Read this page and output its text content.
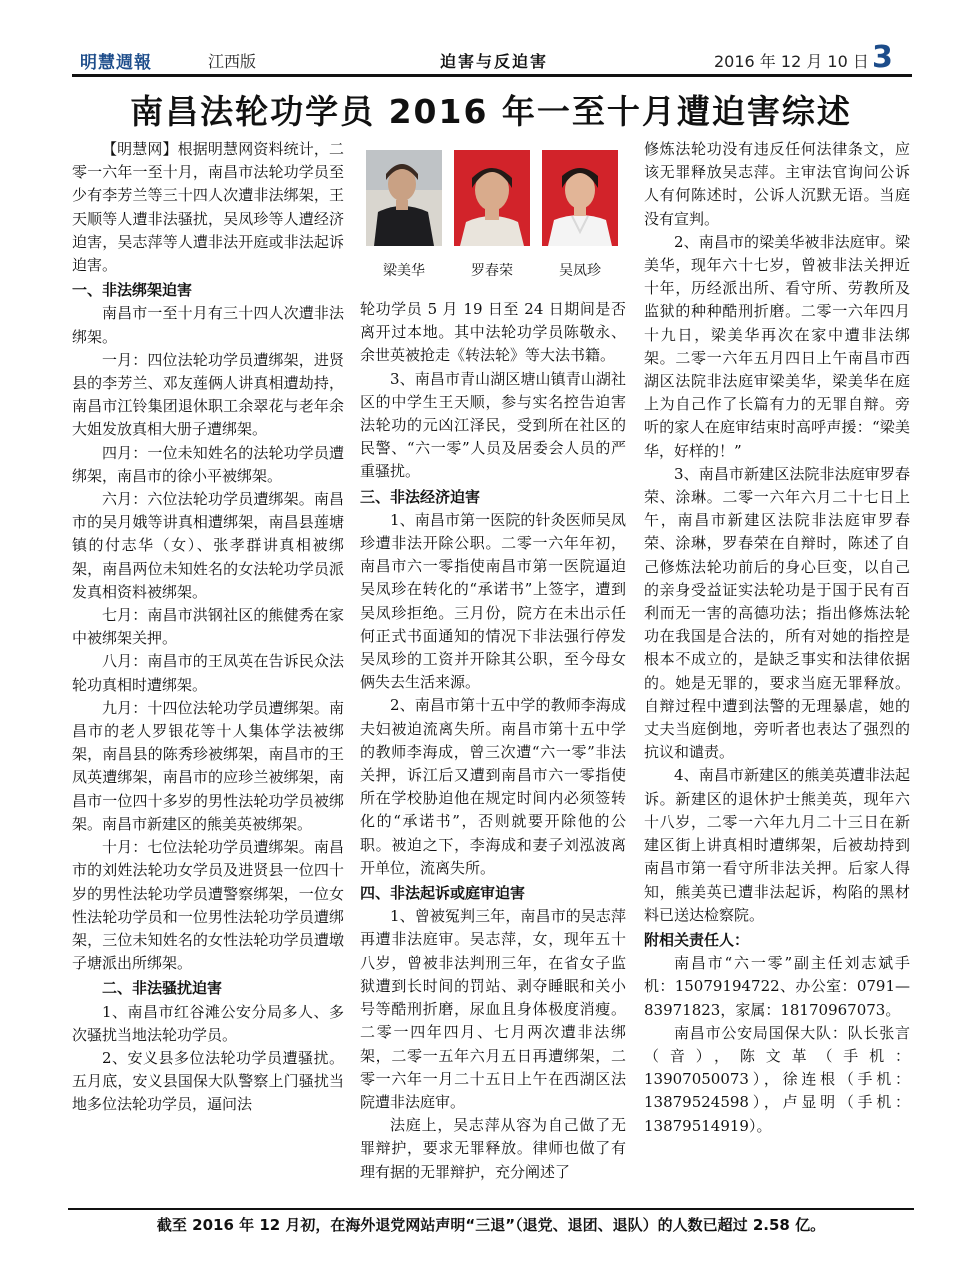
明慧週報	江西版	迫害与反迫害	2016 年 12 月 10 日 3
南昌法轮功学员 2016 年一至十月遭迫害综述

【明慧网】根据明慧网资料统计，二零一六年一至十月，南昌市法轮功学员至少有李芳兰等三十四人次遭非法绑架，王天顺等人遭非法骚扰，吴凤珍等人遭经济迫害，吴志萍等人遭非法开庭或非法起诉迫害。

一、非法绑架迫害

南昌市一至十月有三十四人次遭非法绑架。

一月：四位法轮功学员遭绑架，进贤县的李芳兰、邓友莲俩人讲真相遭劫持，南昌市江铃集团退休职工余翠花与老年余大姐发放真相大册子遭绑架。

四月：一位未知姓名的法轮功学员遭绑架，南昌市的徐小平被绑架。

六月：六位法轮功学员遭绑架。南昌市的吴月娥等讲真相遭绑架，南昌县莲塘镇的付志华（女）、张孝群讲真相被绑架，南昌两位未知姓名的女法轮功学员派发真相资料被绑架。

七月：南昌市洪钢社区的熊健秀在家中被绑架关押。

八月：南昌市的王凤英在告诉民众法轮功真相时遭绑架。

九月：十四位法轮功学员遭绑架。南昌市的老人罗银花等十人集体学法被绑架，南昌县的陈秀珍被绑架，南昌市的王凤英遭绑架，南昌市的应珍兰被绑架，南昌市一位四十多岁的男性法轮功学员被绑架。南昌市新建区的熊美英被绑架。

十月：七位法轮功学员遭绑架。南昌市的刘姓法轮功女学员及进贤县一位四十岁的男性法轮功学员遭警察绑架，一位女性法轮功学员和一位男性法轮功学员遭绑架，三位未知姓名的女性法轮功学员遭墩子塘派出所绑架。

二、非法骚扰迫害

1、南昌市红谷滩公安分局多人、多次骚扰当地法轮功学员。

2、安义县多位法轮功学员遭骚扰。五月底，安义县国保大队警察上门骚扰当地多位法轮功学员，逼问法

梁美华	罗春荣	吴凤珍

轮功学员 5 月 19 日至 24 日期间是否离开过本地。其中法轮功学员陈敬永、余世英被抢走《转法轮》等大法书籍。

3、南昌市青山湖区塘山镇青山湖社区的中学生王天顺，参与实名控告迫害法轮功的元凶江泽民，受到所在社区的民警、“六一零”人员及居委会人员的严重骚扰。

三、非法经济迫害

1、南昌市第一医院的针灸医师吴凤珍遭非法开除公职。二零一六年年初，南昌市六一零指使南昌市第一医院逼迫吴凤珍在转化的“承诺书”上签字，遭到吴凤珍拒绝。三月份，院方在未出示任何正式书面通知的情况下非法强行停发吴凤珍的工资并开除其公职，至今母女俩失去生活来源。

2、南昌市第十五中学的教师李海成夫妇被迫流离失所。南昌市第十五中学的教师李海成，曾三次遭“六一零”非法关押，诉江后又遭到南昌市六一零指使所在学校胁迫他在规定时间内必须签转化的“承诺书”，否则就要开除他的公职。被迫之下，李海成和妻子刘泓波离开单位，流离失所。

四、非法起诉或庭审迫害

1、曾被冤判三年，南昌市的吴志萍再遭非法庭审。吴志萍，女，现年五十八岁，曾被非法判刑三年，在省女子监狱遭到长时间的罚站、剥夺睡眠和关小号等酷刑折磨，尿血且身体极度消瘦。二零一四年四月、七月两次遭非法绑架，二零一五年六月五日再遭绑架，二零一六年一月二十五日上午在西湖区法院遭非法庭审。

法庭上，吴志萍从容为自己做了无罪辩护，要求无罪释放。律师也做了有理有据的无罪辩护，充分阐述了

修炼法轮功没有违反任何法律条文，应该无罪释放吴志萍。主审法官询问公诉人有何陈述时，公诉人沉默无语。当庭没有宣判。

2、南昌市的梁美华被非法庭审。梁美华，现年六十七岁，曾被非法关押近十年，历经派出所、看守所、劳教所及监狱的种种酷刑折磨。二零一六年四月十九日，梁美华再次在家中遭非法绑架。二零一六年五月四日上午南昌市西湖区法院非法庭审梁美华，梁美华在庭上为自己作了长篇有力的无罪自辩。旁听的家人在庭审结束时高呼声援：“梁美华，好样的！”

3、南昌市新建区法院非法庭审罗春荣、涂琳。二零一六年六月二十七日上午，南昌市新建区法院非法庭审罗春荣、涂琳，罗春荣在自辩时，陈述了自己修炼法轮功前后的身心巨变，以自己的亲身受益证实法轮功是于国于民有百利而无一害的高德功法；指出修炼法轮功在我国是合法的，所有对她的指控是根本不成立的，是缺乏事实和法律依据的。她是无罪的，要求当庭无罪释放。自辩过程中遭到法警的无理暴虐，她的丈夫当庭倒地，旁听者也表达了强烈的抗议和谴责。

4、南昌市新建区的熊美英遭非法起诉。新建区的退休护士熊美英，现年六十八岁，二零一六年九月二十三日在新建区街上讲真相时遭绑架，后被劫持到南昌市第一看守所非法关押。后家人得知，熊美英已遭非法起诉，构陷的黑材料已送达检察院。

附相关责任人：

南昌市“六一零”副主任刘志斌手机：15079194722、办公室：0791—83971823，家属：18170967073。

南昌市公安局国保大队：队长张言（音），陈文革（手机：13907050073），徐连根（手机：13879524598），卢显明（手机：13879514919）。

截至 2016 年 12 月初，在海外退党网站声明“三退”（退党、退团、退队）的人数已超过 2.58 亿。
